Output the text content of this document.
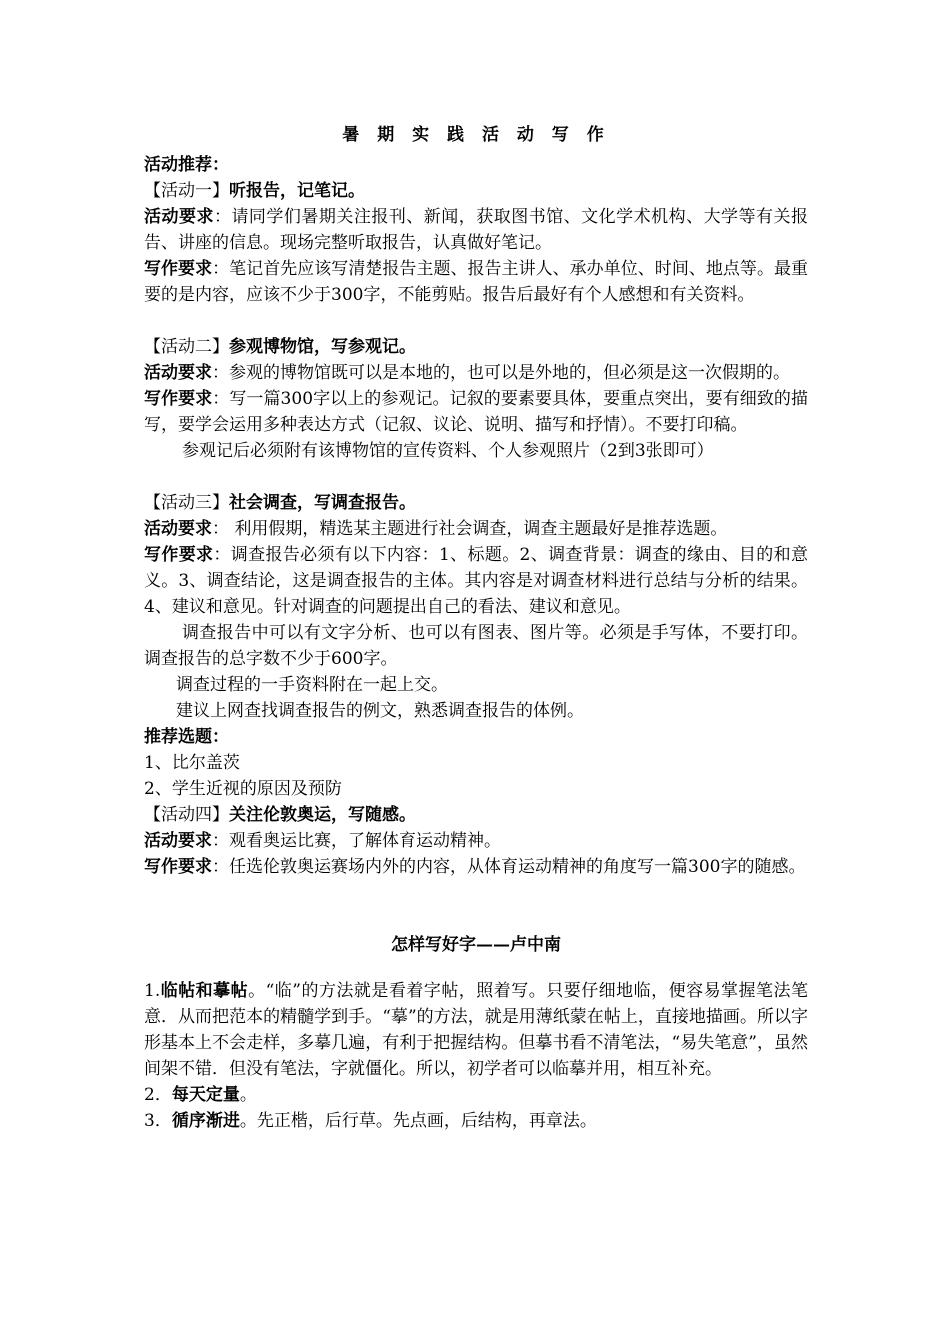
暑 期 实 践 活 动 写 作

活动推荐：

【活动一】听报告，记笔记。

活动要求：请同学们暑期关注报刊、新闻，获取图书馆、文化学术机构、大学等有关报告、讲座的信息。现场完整听取报告，认真做好笔记。

写作要求：笔记首先应该写清楚报告主题、报告主讲人、承办单位、时间、地点等。最重要的是内容，应该不少于300字，不能剪贴。报告后最好有个人感想和有关资料。

【活动二】参观博物馆，写参观记。

活动要求：参观的博物馆既可以是本地的，也可以是外地的，但必须是这一次假期的。

写作要求：写一篇300字以上的参观记。记叙的要素要具体，要重点突出，要有细致的描写，要学会运用多种表达方式（记叙、议论、说明、描写和抒情）。不要打印稿。

参观记后必须附有该博物馆的宣传资料、个人参观照片（2到3张即可）

【活动三】社会调查，写调查报告。

活动要求： 利用假期，精选某主题进行社会调查，调查主题最好是推荐选题。

写作要求：调查报告必须有以下内容：1、标题。2、调查背景：调查的缘由、目的和意义。3、调查结论，这是调查报告的主体。其内容是对调查材料进行总结与分析的结果。4、建议和意见。针对调查的问题提出自己的看法、建议和意见。

调查报告中可以有文字分析、也可以有图表、图片等。必须是手写体，不要打印。调查报告的总字数不少于600字。

调查过程的一手资料附在一起上交。

建议上网查找调查报告的例文，熟悉调查报告的体例。

推荐选题：

1、比尔盖茨

2、学生近视的原因及预防

【活动四】关注伦敦奥运，写随感。

活动要求：观看奥运比赛，了解体育运动精神。

写作要求：任选伦敦奥运赛场内外的内容，从体育运动精神的角度写一篇300字的随感。

怎样写好字——卢中南

1.临帖和摹帖。“临”的方法就是看着字帖，照着写。只要仔细地临，便容易掌握笔法笔意．从而把范本的精髓学到手。“摹”的方法，就是用薄纸蒙在帖上，直接地描画。所以字形基本上不会走样，多摹几遍，有利于把握结构。但摹书看不清笔法，“易失笔意”，虽然间架不错．但没有笔法，字就僵化。所以，初学者可以临摹并用，相互补充。

2．每天定量。

3．循序渐进。先正楷，后行草。先点画，后结构，再章法。
